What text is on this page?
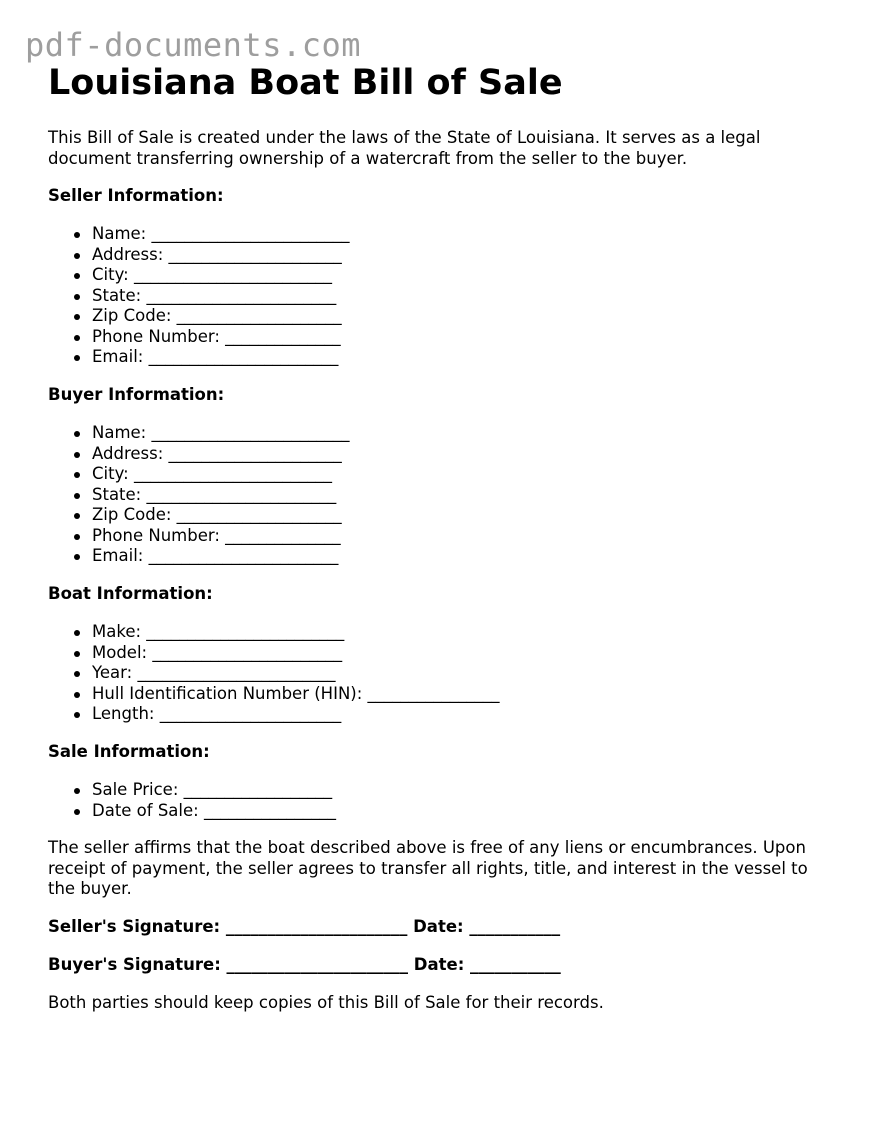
pdf-documents.com
Louisiana Boat Bill of Sale

This Bill of Sale is created under the laws of the State of Louisiana. It serves as a legal document transferring ownership of a watercraft from the seller to the buyer.

Seller Information:

Name: ________________________
Address: _____________________
City: ________________________
State: _______________________
Zip Code: ____________________
Phone Number: ______________
Email: _______________________

Buyer Information:

Name: ________________________
Address: _____________________
City: ________________________
State: _______________________
Zip Code: ____________________
Phone Number: ______________
Email: _______________________

Boat Information:

Make: ________________________
Model: _______________________
Year: ________________________
Hull Identification Number (HIN): ________________
Length: ______________________

Sale Information:

Sale Price: __________________
Date of Sale: ________________

The seller affirms that the boat described above is free of any liens or encumbrances. Upon receipt of payment, the seller agrees to transfer all rights, title, and interest in the vessel to the buyer.

Seller's Signature: ______________________ Date: ___________

Buyer's Signature: ______________________ Date: ___________

Both parties should keep copies of this Bill of Sale for their records.
